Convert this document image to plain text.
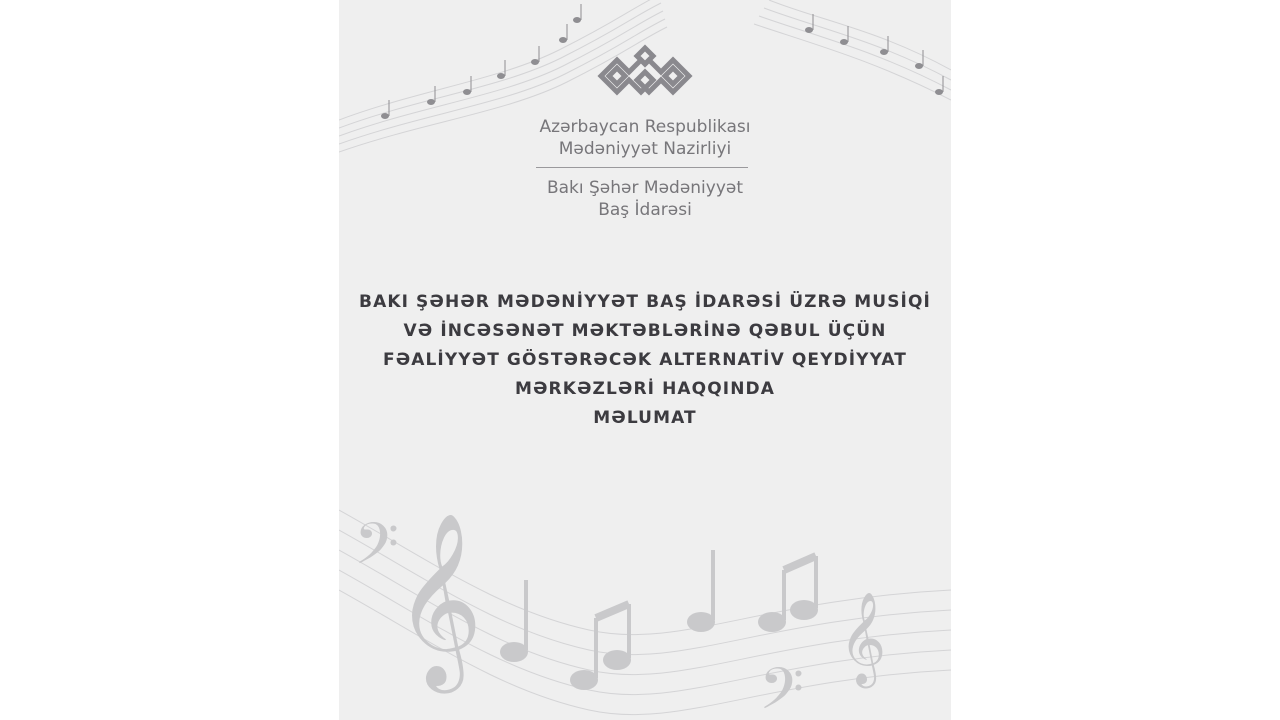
𝄞
𝄢
𝄞
𝄢
Azərbaycan Respublikası
Mədəniyyət Nazirliyi
Bakı Şəhər Mədəniyyət
Baş İdarəsi
BAKI ŞƏHƏR MƏDƏNİYYƏT BAŞ İDARƏSİ ÜZRƏ MUSİQİ
VƏ İNCƏSƏNƏT MƏKTƏBLƏRİNƏ QƏBUL ÜÇÜN
FƏALİYYƏT GÖSTƏRƏCƏK ALTERNATİV QEYDİYYAT
MƏRKƏZLƏRİ HAQQINDA
MƏLUMAT
